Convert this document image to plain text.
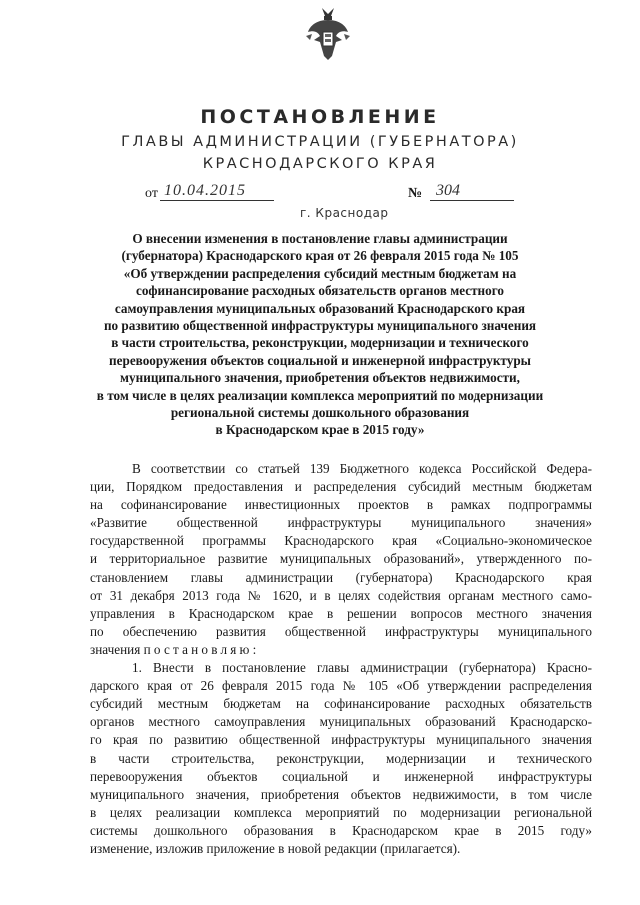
ПОСТАНОВЛЕНИЕ
ГЛАВЫ АДМИНИСТРАЦИИ (ГУБЕРНАТОРА)
КРАСНОДАРСКОГО КРАЯ
от 10.04.2015	№ 304
г. Краснодар
О внесении изменения в постановление главы администрации
(губернатора) Краснодарского края от 26 февраля 2015 года № 105
«Об утверждении распределения субсидий местным бюджетам на
софинансирование расходных обязательств органов местного
самоуправления муниципальных образований Краснодарского края
по развитию общественной инфраструктуры муниципального значения
в части строительства, реконструкции, модернизации и технического
перевооружения объектов социальной и инженерной инфраструктуры
муниципального значения, приобретения объектов недвижимости,
в том числе в целях реализации комплекса мероприятий по модернизации
региональной системы дошкольного образования
в Краснодарском крае в 2015 году»
В соответствии со статьей 139 Бюджетного кодекса Российской Федера-
ции, Порядком предоставления и распределения субсидий местным бюджетам
на софинансирование инвестиционных проектов в рамках подпрограммы
«Развитие общественной инфраструктуры муниципального значения»
государственной программы Краснодарского края «Социально-экономическое
и территориальное развитие муниципальных образований», утвержденного по-
становлением главы администрации (губернатора) Краснодарского края
от 31 декабря 2013 года № 1620, и в целях содействия органам местного само-
управления в Краснодарском крае в решении вопросов местного значения
по обеспечению развития общественной инфраструктуры муниципального
значения постановляю:
1. Внести в постановление главы администрации (губернатора) Красно-
дарского края от 26 февраля 2015 года № 105 «Об утверждении распределения
субсидий местным бюджетам на софинансирование расходных обязательств
органов местного самоуправления муниципальных образований Краснодарско-
го края по развитию общественной инфраструктуры муниципального значения
в части строительства, реконструкции, модернизации и технического
перевооружения объектов социальной и инженерной инфраструктуры
муниципального значения, приобретения объектов недвижимости, в том числе
в целях реализации комплекса мероприятий по модернизации региональной
системы дошкольного образования в Краснодарском крае в 2015 году»
изменение, изложив приложение в новой редакции (прилагается).
